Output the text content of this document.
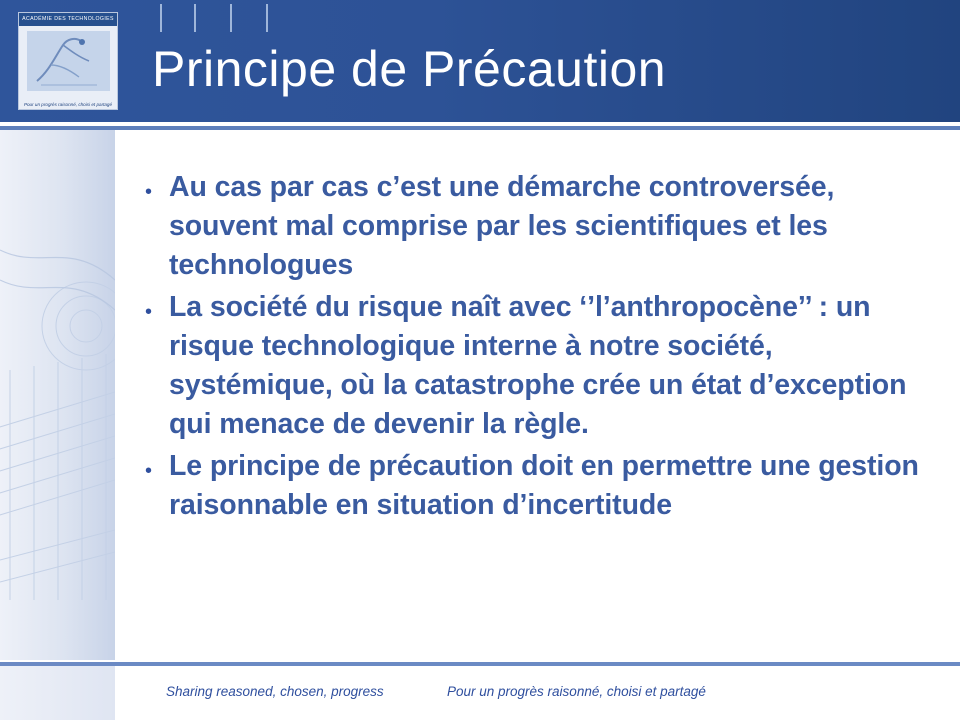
Principe de Précaution
ACADÉMIE DES TECHNOLOGIES
Pour un progrès raisonné, choisi et partagé
• Au cas par cas c’est une démarche controversée, souvent mal comprise par les scientifiques et les technologues
• La société du risque naît avec ‘’l’anthropocène’’ : un risque technologique interne à notre société, systémique, où la catastrophe crée un état d’exception qui menace de devenir la règle.
• Le principe de précaution doit en permettre une gestion raisonnable en situation d’incertitude
Sharing reasoned, chosen, progress	Pour un progrès raisonné, choisi et partagé
